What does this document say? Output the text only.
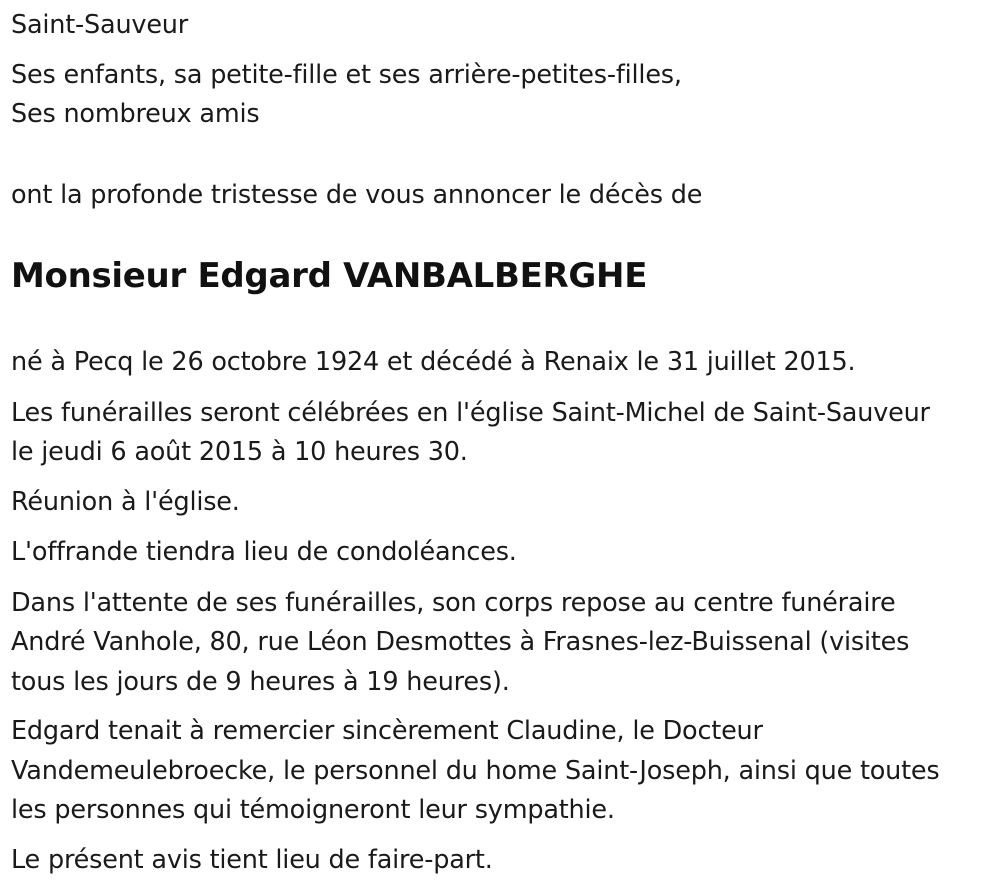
Saint-Sauveur
Ses enfants, sa petite-fille et ses arrière-petites-filles,
Ses nombreux amis
ont la profonde tristesse de vous annoncer le décès de
Monsieur Edgard VANBALBERGHE
né à Pecq le 26 octobre 1924 et décédé à Renaix le 31 juillet 2015.
Les funérailles seront célébrées en l'église Saint-Michel de Saint-Sauveur
le jeudi 6 août 2015 à 10 heures 30.
Réunion à l'église.
L'offrande tiendra lieu de condoléances.
Dans l'attente de ses funérailles, son corps repose au centre funéraire
André Vanhole, 80, rue Léon Desmottes à Frasnes-lez-Buissenal (visites
tous les jours de 9 heures à 19 heures).
Edgard tenait à remercier sincèrement Claudine, le Docteur
Vandemeulebroecke, le personnel du home Saint-Joseph, ainsi que toutes
les personnes qui témoigneront leur sympathie.
Le présent avis tient lieu de faire-part.
